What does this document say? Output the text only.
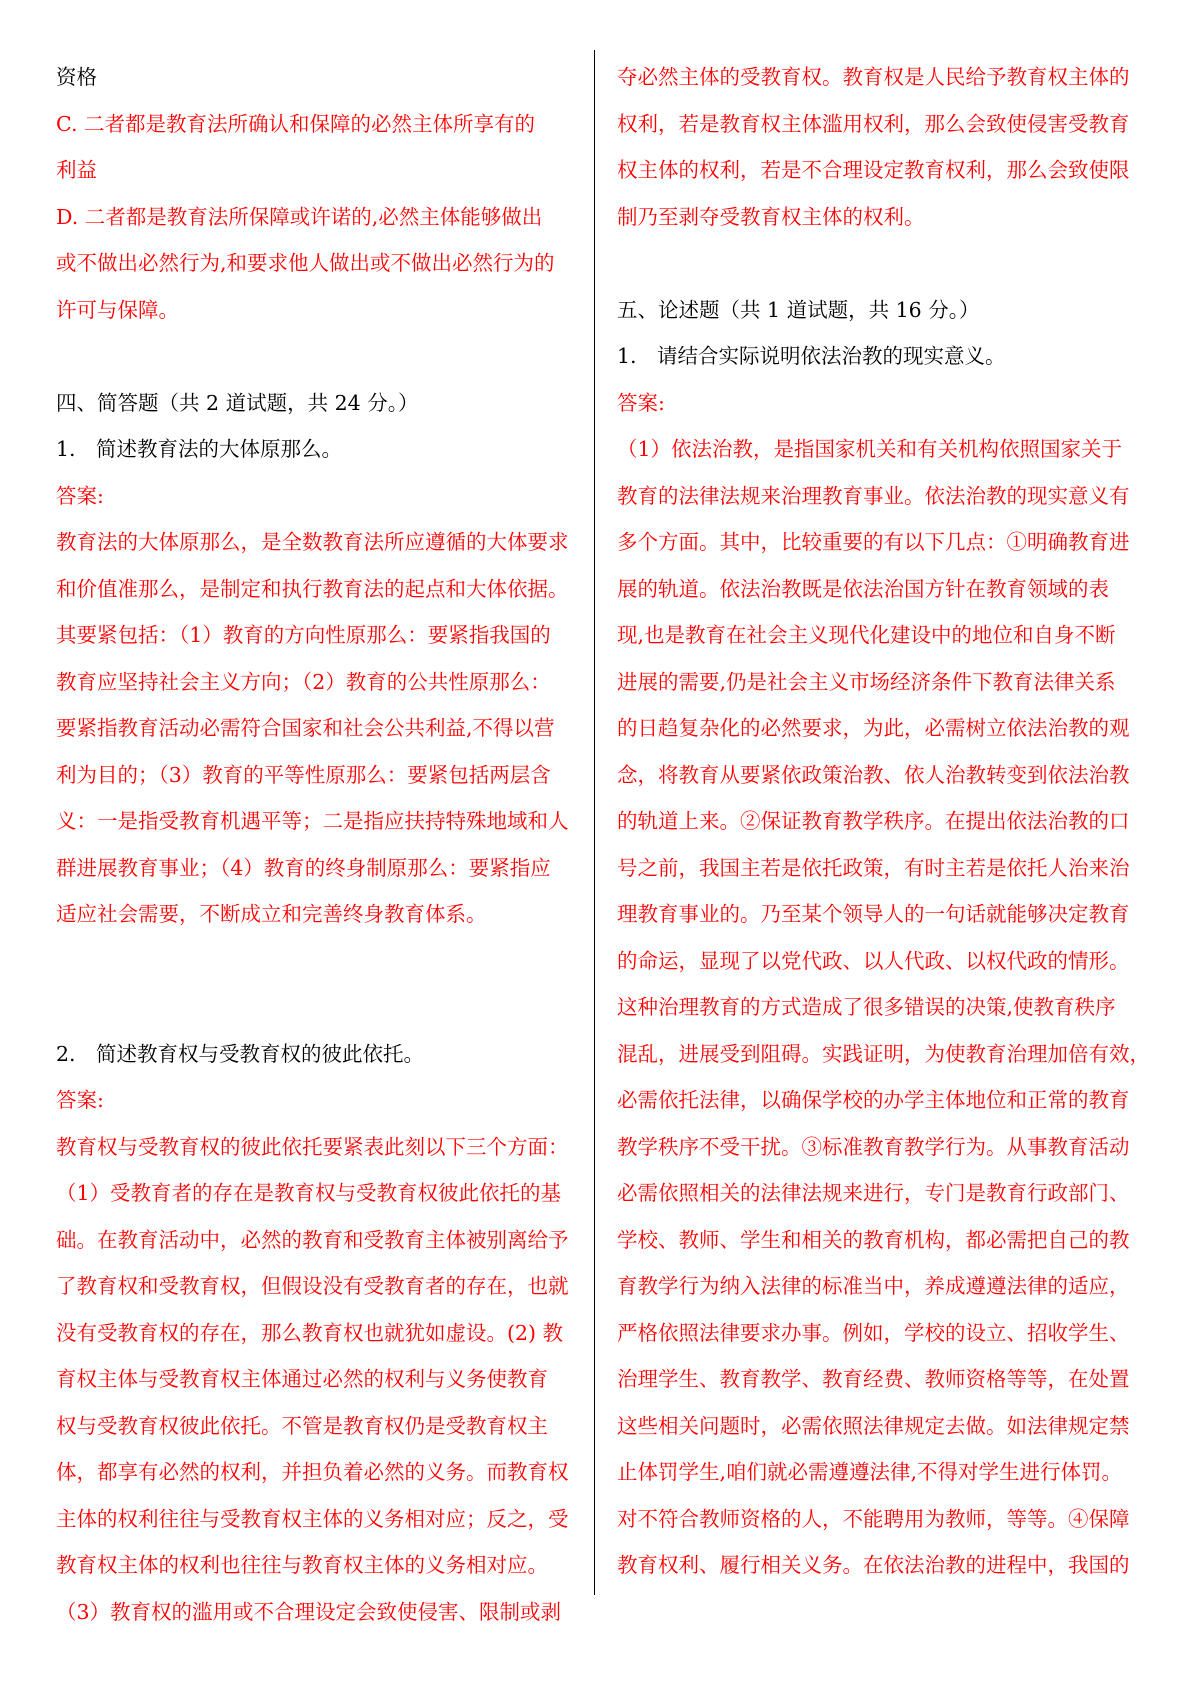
资格

C. 二者都是教育法所确认和保障的必然主体所享有的

利益

D. 二者都是教育法所保障或许诺的,必然主体能够做出

或不做出必然行为,和要求他人做出或不做出必然行为的

许可与保障。

四、简答题（共 2 道试题，共 24 分。）

1. 简述教育法的大体原那么。

答案:

教育法的大体原那么，是全数教育法所应遵循的大体要求

和价值准那么，是制定和执行教育法的起点和大体依据。

其要紧包括：（1）教育的方向性原那么：要紧指我国的

教育应坚持社会主义方向；（2）教育的公共性原那么：

要紧指教育活动必需符合国家和社会公共利益,不得以营

利为目的；（3）教育的平等性原那么：要紧包括两层含

义：一是指受教育机遇平等；二是指应扶持特殊地域和人

群进展教育事业；（4）教育的终身制原那么：要紧指应

适应社会需要，不断成立和完善终身教育体系。

2. 简述教育权与受教育权的彼此依托。

答案:

教育权与受教育权的彼此依托要紧表此刻以下三个方面：

（1）受教育者的存在是教育权与受教育权彼此依托的基

础。在教育活动中，必然的教育和受教育主体被别离给予

了教育权和受教育权，但假设没有受教育者的存在，也就

没有受教育权的存在，那么教育权也就犹如虚设。(2) 教

育权主体与受教育权主体通过必然的权利与义务使教育

权与受教育权彼此依托。不管是教育权仍是受教育权主

体，都享有必然的权利，并担负着必然的义务。而教育权

主体的权利往往与受教育权主体的义务相对应；反之，受

教育权主体的权利也往往与教育权主体的义务相对应。

（3）教育权的滥用或不合理设定会致使侵害、限制或剥

夺必然主体的受教育权。教育权是人民给予教育权主体的

权利，若是教育权主体滥用权利，那么会致使侵害受教育

权主体的权利，若是不合理设定教育权利，那么会致使限

制乃至剥夺受教育权主体的权利。

五、论述题（共 1 道试题，共 16 分。）

1. 请结合实际说明依法治教的现实意义。

答案:

（1）依法治教，是指国家机关和有关机构依照国家关于

教育的法律法规来治理教育事业。依法治教的现实意义有

多个方面。其中，比较重要的有以下几点：①明确教育进

展的轨道。依法治教既是依法治国方针在教育领域的表

现,也是教育在社会主义现代化建设中的地位和自身不断

进展的需要,仍是社会主义市场经济条件下教育法律关系

的日趋复杂化的必然要求，为此，必需树立依法治教的观

念，将教育从要紧依政策治教、依人治教转变到依法治教

的轨道上来。②保证教育教学秩序。在提出依法治教的口

号之前，我国主若是依托政策，有时主若是依托人治来治

理教育事业的。乃至某个领导人的一句话就能够决定教育

的命运，显现了以党代政、以人代政、以权代政的情形。

这种治理教育的方式造成了很多错误的决策,使教育秩序

混乱，进展受到阻碍。实践证明，为使教育治理加倍有效，

必需依托法律，以确保学校的办学主体地位和正常的教育

教学秩序不受干扰。③标准教育教学行为。从事教育活动

必需依照相关的法律法规来进行，专门是教育行政部门、

学校、教师、学生和相关的教育机构，都必需把自己的教

育教学行为纳入法律的标准当中，养成遵遵法律的适应，

严格依照法律要求办事。例如，学校的设立、招收学生、

治理学生、教育教学、教育经费、教师资格等等，在处置

这些相关问题时，必需依照法律规定去做。如法律规定禁

止体罚学生,咱们就必需遵遵法律,不得对学生进行体罚。

对不符合教师资格的人，不能聘用为教师，等等。④保障

教育权利、履行相关义务。在依法治教的进程中，我国的
